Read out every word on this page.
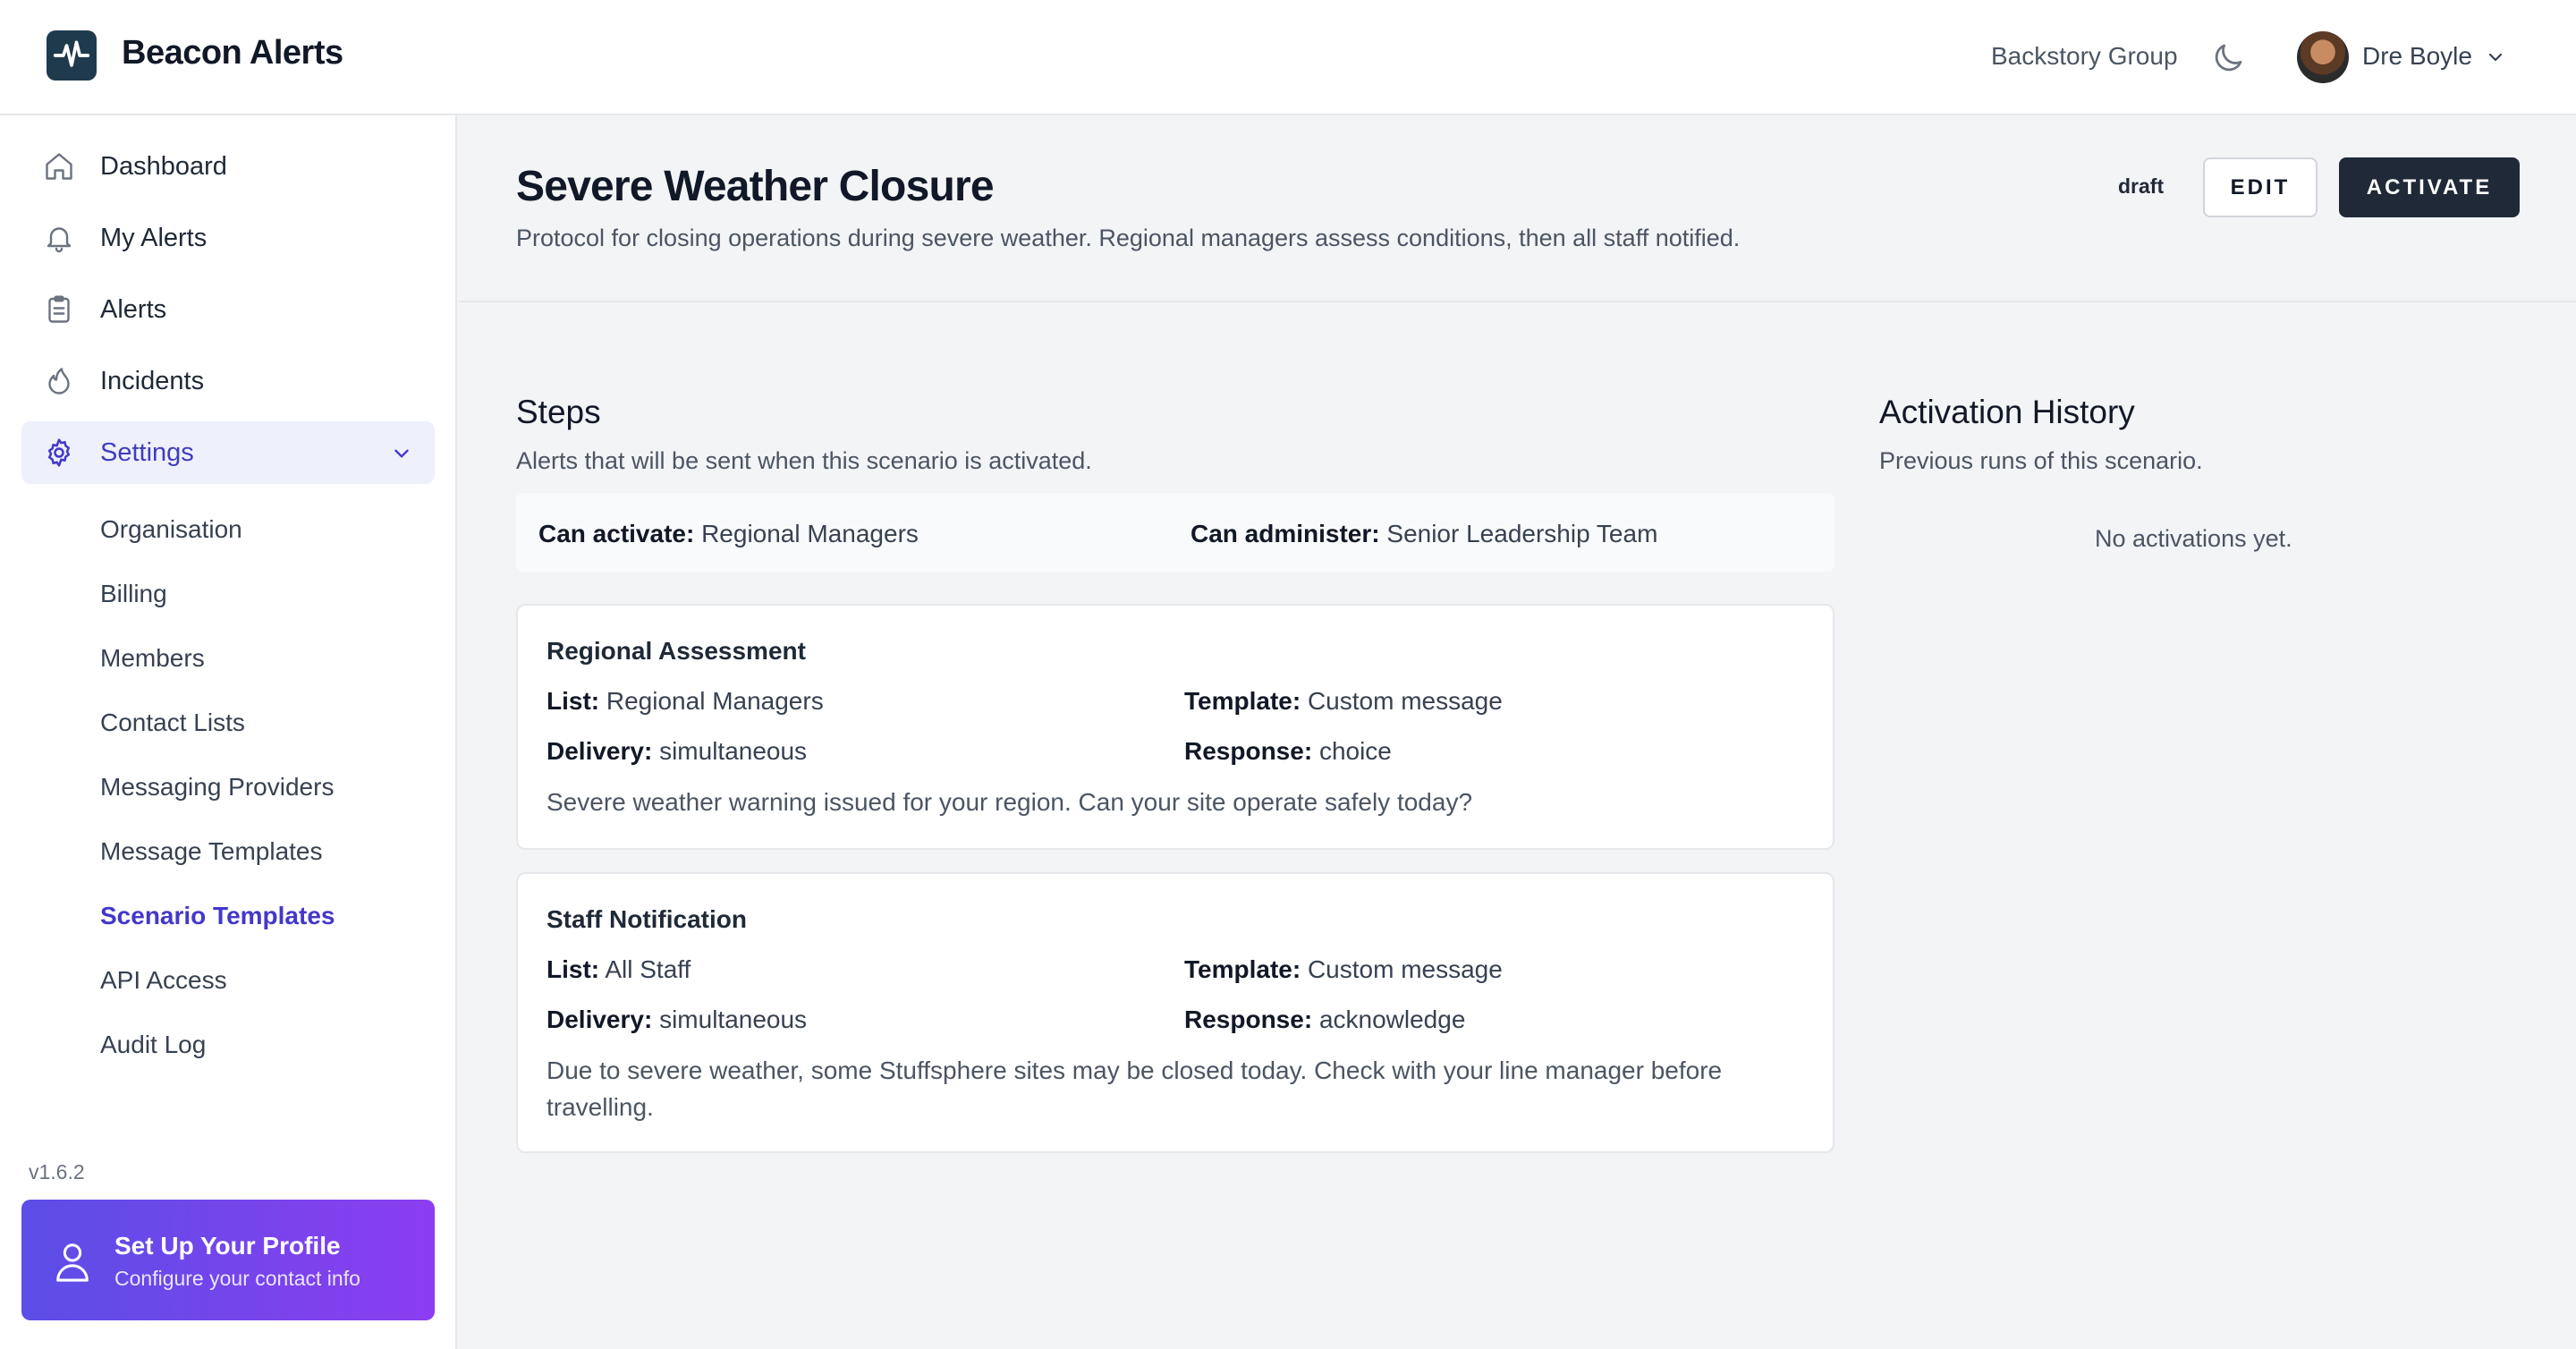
Beacon Alerts	Backstory Group	Dre Boyle
Dashboard
My Alerts
Alerts
Incidents
Settings
Organisation
Billing
Members
Contact Lists
Messaging Providers
Message Templates
Scenario Templates
API Access
Audit Log
v1.6.2
Set Up Your Profile
Configure your contact info
Severe Weather Closure
Protocol for closing operations during severe weather. Regional managers assess conditions, then all staff notified.
draft	EDIT	ACTIVATE
Steps
Alerts that will be sent when this scenario is activated.
Can activate: Regional Managers	Can administer: Senior Leadership Team
Regional Assessment
List: Regional Managers	Template: Custom message
Delivery: simultaneous	Response: choice
Severe weather warning issued for your region. Can your site operate safely today?
Staff Notification
List: All Staff	Template: Custom message
Delivery: simultaneous	Response: acknowledge
Due to severe weather, some Stuffsphere sites may be closed today. Check with your line manager before travelling.
Activation History
Previous runs of this scenario.
No activations yet.
